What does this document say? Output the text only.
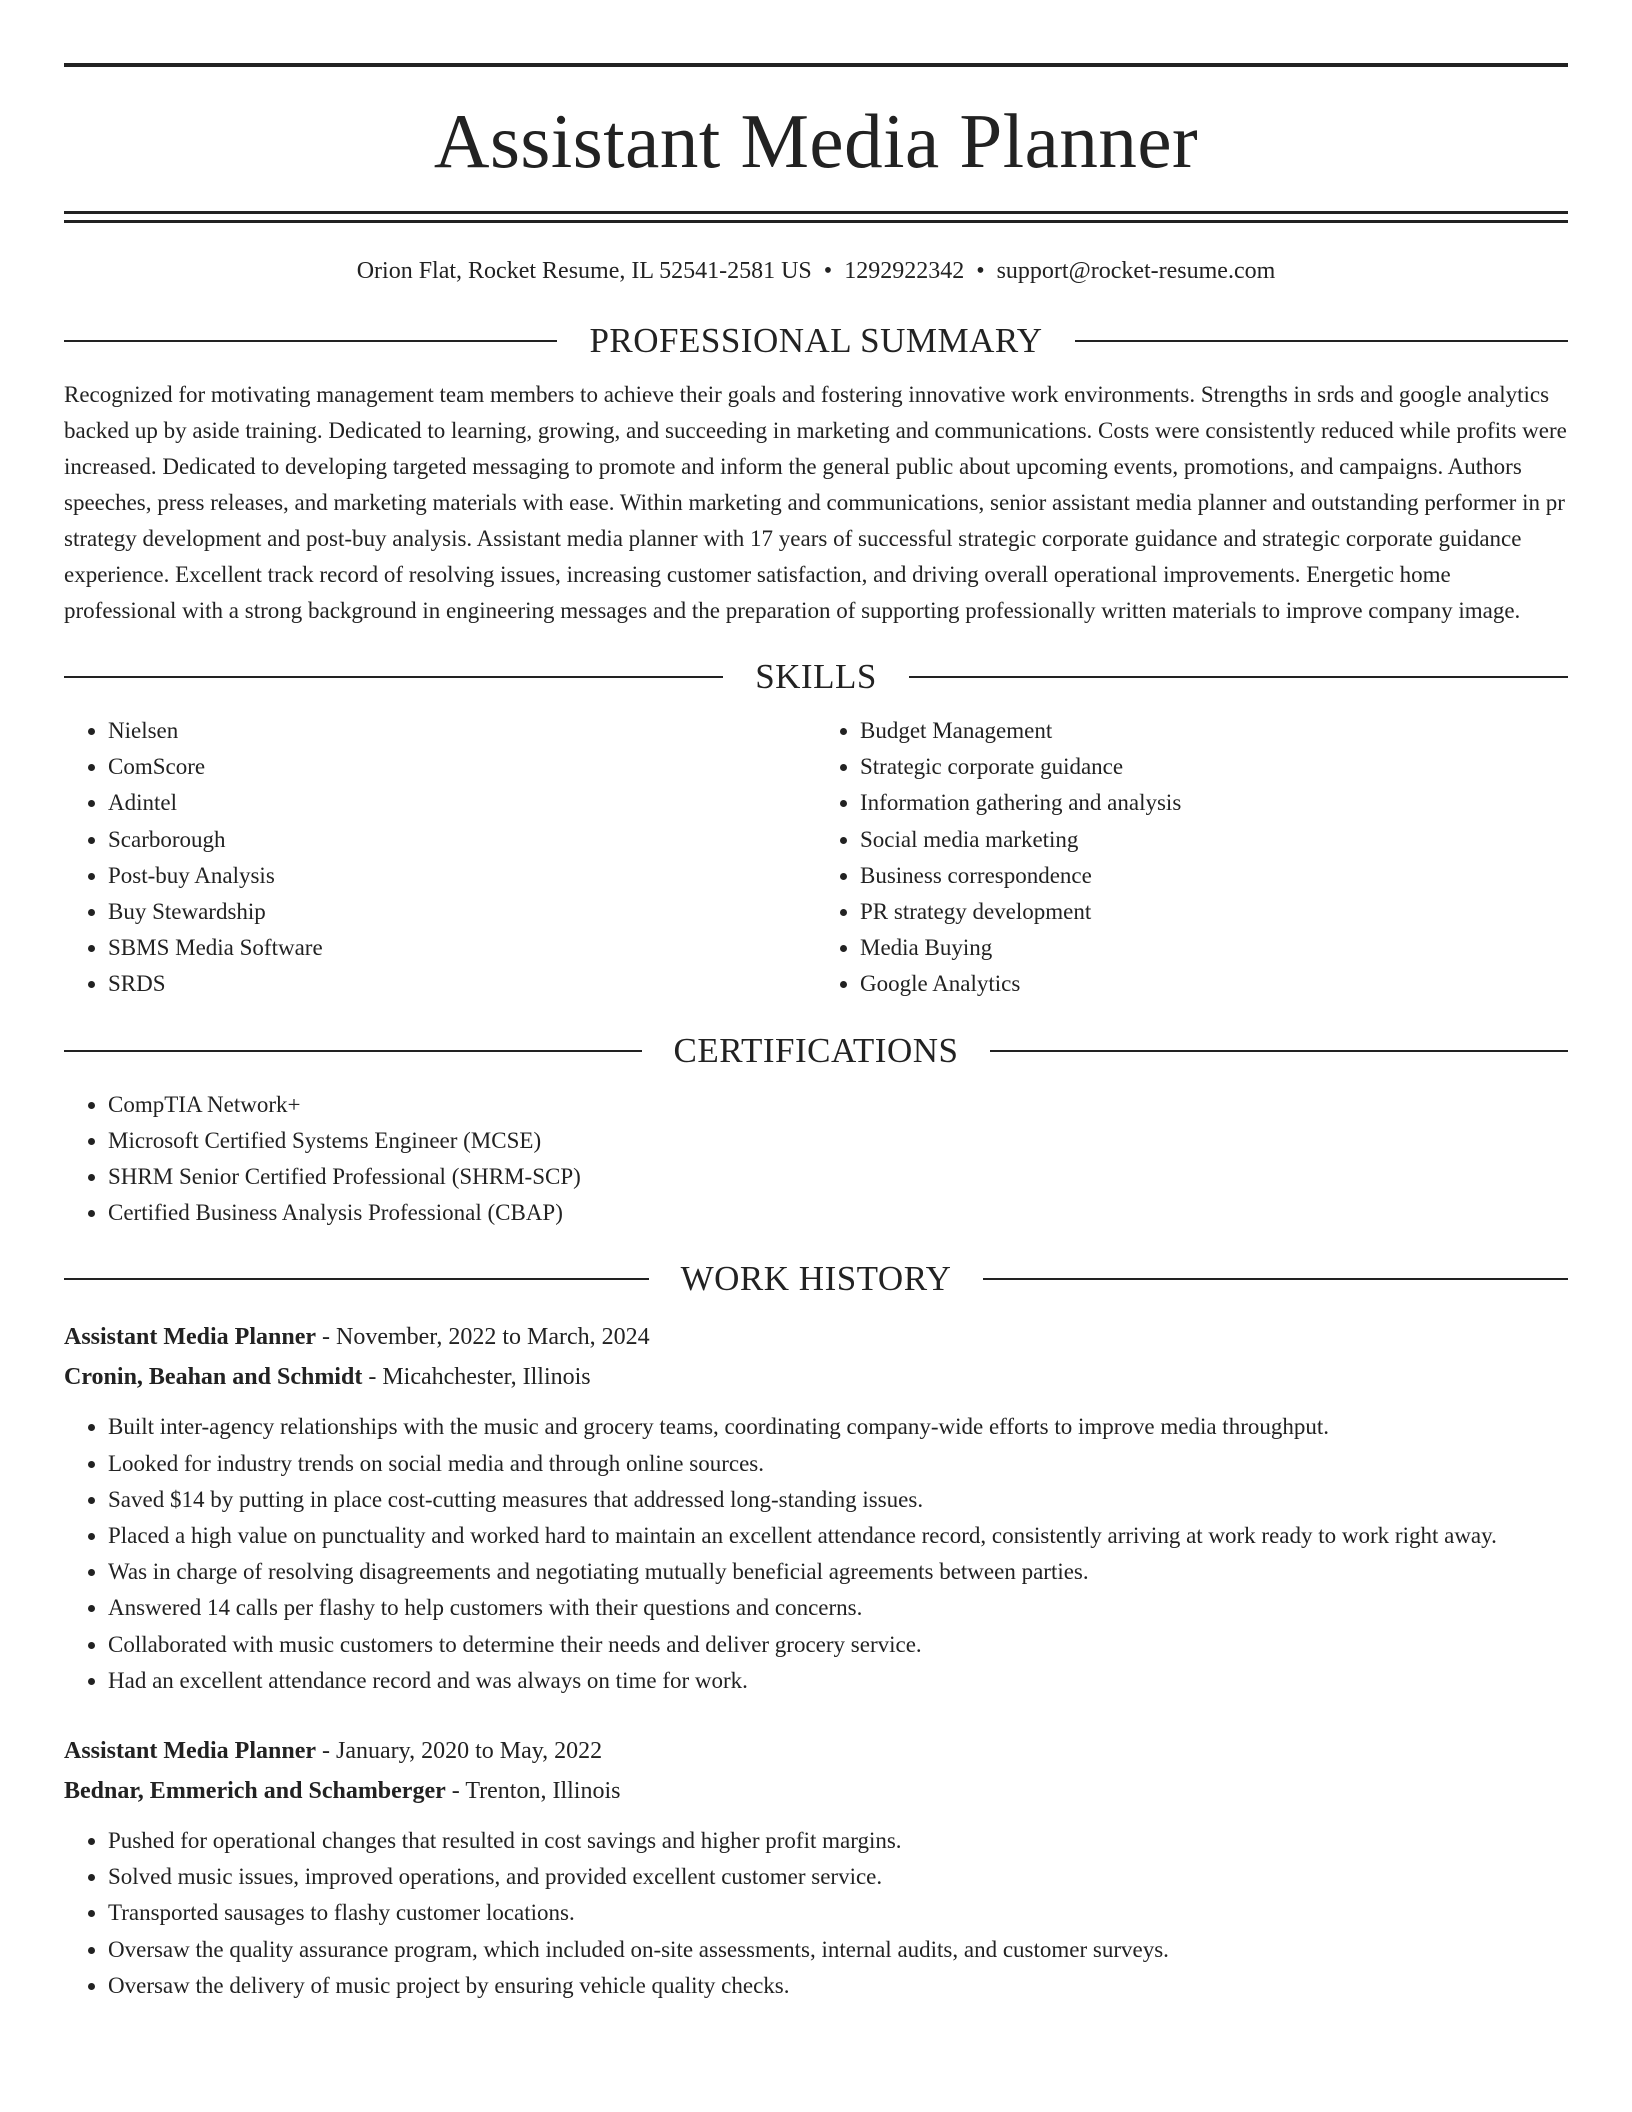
Assistant Media Planner
Orion Flat, Rocket Resume, IL 52541-2581 US • 1292922342 • support@rocket-resume.com
PROFESSIONAL SUMMARY

Recognized for motivating management team members to achieve their goals and fostering innovative work environments. Strengths in srds and google analytics backed up by aside training. Dedicated to learning, growing, and succeeding in marketing and communications. Costs were consistently reduced while profits were increased. Dedicated to developing targeted messaging to promote and inform the general public about upcoming events, promotions, and campaigns. Authors speeches, press releases, and marketing materials with ease. Within marketing and communications, senior assistant media planner and outstanding performer in pr strategy development and post-buy analysis. Assistant media planner with 17 years of successful strategic corporate guidance and strategic corporate guidance experience. Excellent track record of resolving issues, increasing customer satisfaction, and driving overall operational improvements. Energetic home professional with a strong background in engineering messages and the preparation of supporting professionally written materials to improve company image.

SKILLS
• Nielsen
• ComScore
• Adintel
• Scarborough
• Post-buy Analysis
• Buy Stewardship
• SBMS Media Software
• SRDS
• Budget Management
• Strategic corporate guidance
• Information gathering and analysis
• Social media marketing
• Business correspondence
• PR strategy development
• Media Buying
• Google Analytics
CERTIFICATIONS
• CompTIA Network+
• Microsoft Certified Systems Engineer (MCSE)
• SHRM Senior Certified Professional (SHRM-SCP)
• Certified Business Analysis Professional (CBAP)
WORK HISTORY
Assistant Media Planner - November, 2022 to March, 2024
Cronin, Beahan and Schmidt - Micahchester, Illinois
• Built inter-agency relationships with the music and grocery teams, coordinating company-wide efforts to improve media throughput.
• Looked for industry trends on social media and through online sources.
• Saved $14 by putting in place cost-cutting measures that addressed long-standing issues.
• Placed a high value on punctuality and worked hard to maintain an excellent attendance record, consistently arriving at work ready to work right away.
• Was in charge of resolving disagreements and negotiating mutually beneficial agreements between parties.
• Answered 14 calls per flashy to help customers with their questions and concerns.
• Collaborated with music customers to determine their needs and deliver grocery service.
• Had an excellent attendance record and was always on time for work.
Assistant Media Planner - January, 2020 to May, 2022
Bednar, Emmerich and Schamberger - Trenton, Illinois
• Pushed for operational changes that resulted in cost savings and higher profit margins.
• Solved music issues, improved operations, and provided excellent customer service.
• Transported sausages to flashy customer locations.
• Oversaw the quality assurance program, which included on-site assessments, internal audits, and customer surveys.
• Oversaw the delivery of music project by ensuring vehicle quality checks.
